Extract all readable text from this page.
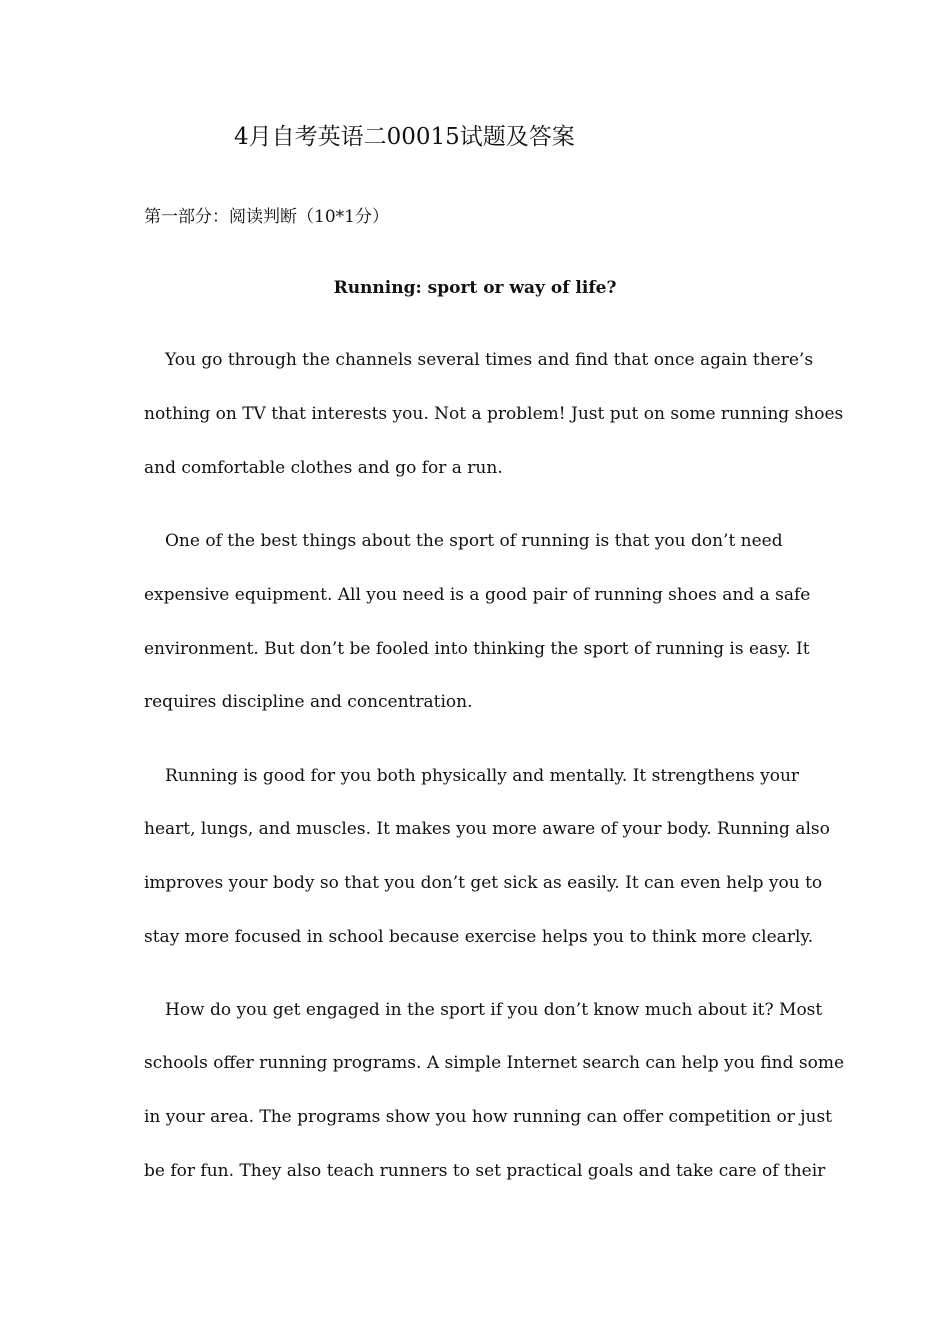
4月自考英语二00015试题及答案

第一部分：阅读判断（10*1分）

Running: sport or way of life?

You go through the channels several times and find that once again there’s

nothing on TV that interests you. Not a problem! Just put on some running shoes

and comfortable clothes and go for a run.

One of the best things about the sport of running is that you don’t need

expensive equipment. All you need is a good pair of running shoes and a safe

environment. But don’t be fooled into thinking the sport of running is easy. It

requires discipline and concentration.

Running is good for you both physically and mentally. It strengthens your

heart, lungs, and muscles. It makes you more aware of your body. Running also

improves your body so that you don’t get sick as easily. It can even help you to

stay more focused in school because exercise helps you to think more clearly.

How do you get engaged in the sport if you don’t know much about it? Most

schools offer running programs. A simple Internet search can help you find some

in your area. The programs show you how running can offer competition or just

be for fun. They also teach runners to set practical goals and take care of their
